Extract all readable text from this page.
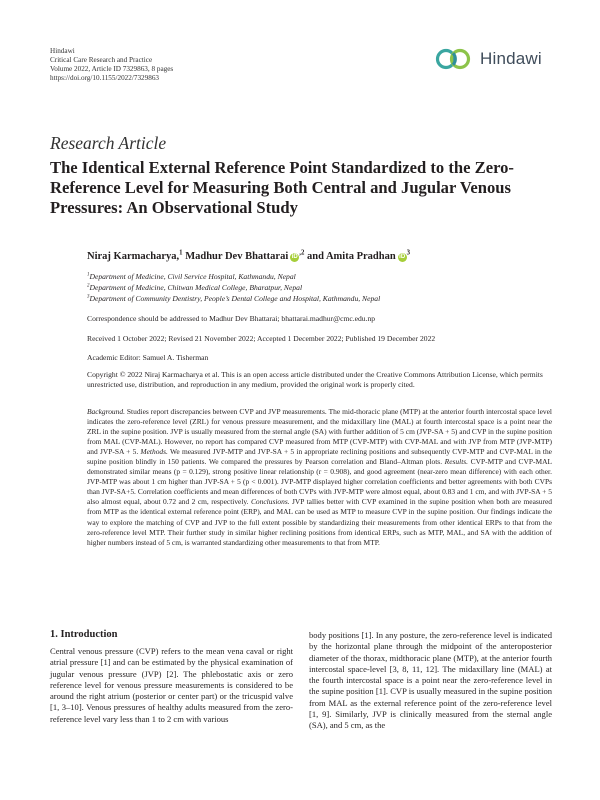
Hindawi
Critical Care Research and Practice
Volume 2022, Article ID 7329863, 8 pages
https://doi.org/10.1155/2022/7329863
Hindawi
Research Article
The Identical External Reference Point Standardized to the Zero-Reference Level for Measuring Both Central and Jugular Venous Pressures: An Observational Study
Niraj Karmacharya,$^1$ Madhur Dev Bhattarai $iD^{,2}$ and Amita Pradhan $iD^3$
$^1$Department of Medicine, Civil Service Hospital, Kathmandu, Nepal
$^2$Department of Medicine, Chitwan Medical College, Bharatpur, Nepal
$^3$Department of Community Dentistry, People’s Dental College and Hospital, Kathmandu, Nepal
Correspondence should be addressed to Madhur Dev Bhattarai; bhattarai.madhur@cmc.edu.np
Received 1 October 2022; Revised 21 November 2022; Accepted 1 December 2022; Published 19 December 2022
Academic Editor: Samuel A. Tisherman
Copyright © 2022 Niraj Karmacharya et al. This is an open access article distributed under the Creative Commons Attribution License, which permits unrestricted use, distribution, and reproduction in any medium, provided the original work is properly cited.

Background. Studies report discrepancies between CVP and JVP measurements. The mid-thoracic plane (MTP) at the anterior fourth intercostal space level indicates the zero-reference level (ZRL) for venous pressure measurement, and the midaxillary line (MAL) at fourth intercostal space is a point near the ZRL in the supine position. JVP is usually measured from the sternal angle (SA) with further addition of 5 cm (JVP-SA + 5) and CVP in the supine position from MAL (CVP-MAL). However, no report has compared CVP measured from MTP (CVP-MTP) with CVP-MAL and with JVP from MTP (JVP-MTP) and JVP-SA + 5. Methods. We measured JVP-MTP and JVP-SA + 5 in appropriate reclining positions and subsequently CVP-MTP and CVP-MAL in the supine position blindly in 150 patients. We compared the pressures by Pearson correlation and Bland–Altman plots. Results. CVP-MTP and CVP-MAL demonstrated similar means (p = 0.129), strong positive linear relationship (r = 0.908), and good agreement (near-zero mean difference) with each other. JVP-MTP was about 1 cm higher than JVP-SA + 5 (p < 0.001). JVP-MTP displayed higher correlation coefficients and better agreements with both CVPs than JVP-SA+5. Correlation coefficients and mean differences of both CVPs with JVP-MTP were almost equal, about 0.83 and 1 cm, and with JVP-SA + 5 also almost equal, about 0.72 and 2 cm, respectively. Conclusions. JVP tallies better with CVP examined in the supine position when both are measured from MTP as the identical external reference point (ERP), and MAL can be used as MTP to measure CVP in the supine position. Our findings indicate the way to explore the matching of CVP and JVP to the full extent possible by standardizing their measurements from other identical ERPs to that from the zero-reference level MTP. Their further study in similar higher reclining positions from identical ERPs, such as MTP, MAL, and SA with the addition of higher numbers instead of 5 cm, is warranted standardizing other measurements to that from MTP.

1. Introduction

Central venous pressure (CVP) refers to the mean vena caval or right atrial pressure [1] and can be estimated by the physical examination of jugular venous pressure (JVP) [2]. The phlebostatic axis or zero reference level for venous pressure measurements is considered to be around the right atrium (posterior or center part) or the tricuspid valve [1, 3–10]. Venous pressures of healthy adults measured from the zero-reference level vary less than 1 to 2 cm with various

body positions [1]. In any posture, the zero-reference level is indicated by the horizontal plane through the midpoint of the anteroposterior diameter of the thorax, midthoracic plane (MTP), at the anterior fourth intercostal space-level [3, 8, 11, 12]. The midaxillary line (MAL) at the fourth intercostal space is a point near the zero-reference level in the supine position [1]. CVP is usually measured in the supine position from MAL as the external reference point of the zero-reference level [1, 9]. Similarly, JVP is clinically measured from the sternal angle (SA), and 5 cm, as the
